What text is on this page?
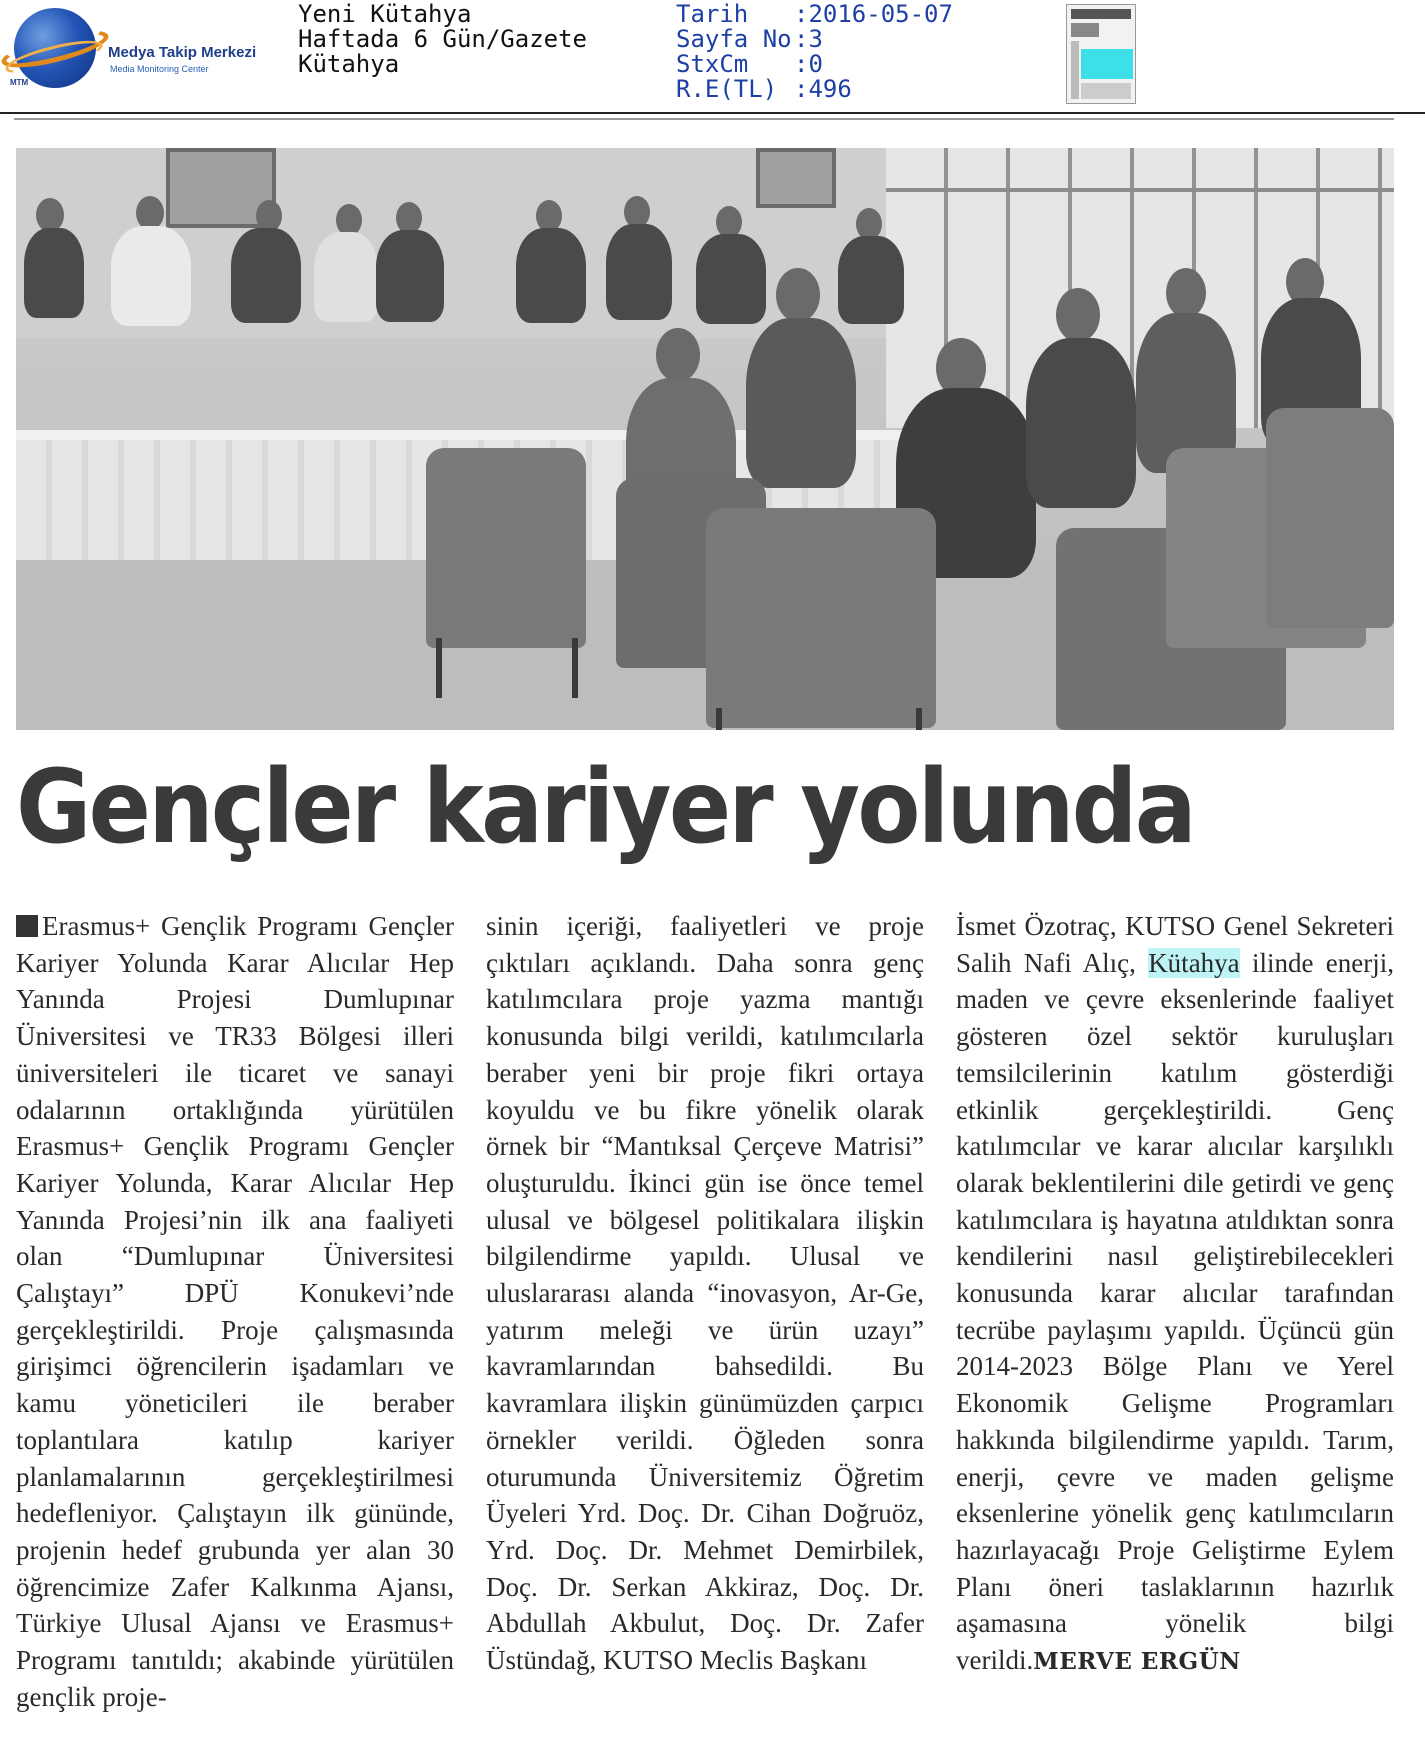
MTM
Medya Takip Merkezi
Media Monitoring Center
Yeni Kütahya
Haftada 6 Gün/Gazete
Kütahya
Tarih	:2016-05-07
Sayfa No :3
StxCm	:0
R.E(TL) :496
Gençler kariyer yolunda

Erasmus+ Gençlik Programı Gençler Kariyer Yolunda Karar Alıcılar Hep Yanında Projesi Dumlupınar Üniversitesi ve TR33 Bölgesi illeri üniversiteleri ile ticaret ve sanayi odalarının ortaklığında yürütülen Erasmus+ Gençlik Programı Gençler Kariyer Yolunda, Karar Alıcılar Hep Yanında Projesi’nin ilk ana faaliyeti olan “Dumlupınar Üniversitesi Çalıştayı” DPÜ Konukevi’nde gerçekleştirildi. Proje çalışmasında girişimci öğrencilerin işadamları ve kamu yöneticileri ile beraber toplantılara katılıp kariyer planlamalarının gerçekleştirilmesi hedefleniyor. Çalıştayın ilk gününde, projenin hedef grubunda yer alan 30 öğrencimize Zafer Kalkınma Ajansı, Türkiye Ulusal Ajansı ve Erasmus+ Programı tanıtıldı; akabinde yürütülen gençlik proje-

sinin içeriği, faaliyetleri ve proje çıktıları açıklandı. Daha sonra genç katılımcılara proje yazma mantığı konusunda bilgi verildi, katılımcılarla beraber yeni bir proje fikri ortaya koyuldu ve bu fikre yönelik olarak örnek bir “Mantıksal Çerçeve Matrisi” oluşturuldu. İkinci gün ise önce temel ulusal ve bölgesel politikalara ilişkin bilgilendirme yapıldı. Ulusal ve uluslararası alanda “inovasyon, Ar-Ge, yatırım meleği ve ürün uzayı” kavramlarından bahsedildi. Bu kavramlara ilişkin günümüzden çarpıcı örnekler verildi. Öğleden sonra oturumunda Üniversitemiz Öğretim Üyeleri Yrd. Doç. Dr. Cihan Doğruöz, Yrd. Doç. Dr. Mehmet Demirbilek, Doç. Dr. Serkan Akkiraz, Doç. Dr. Abdullah Akbulut, Doç. Dr. Zafer Üstündağ, KUTSO Meclis Başkanı

İsmet Özotraç, KUTSO Genel Sekreteri Salih Nafi Alıç, Kütahya ilinde enerji, maden ve çevre eksenlerinde faaliyet gösteren özel sektör kuruluşları temsilcilerinin katılım gösterdiği etkinlik gerçekleştirildi. Genç katılımcılar ve karar alıcılar karşılıklı olarak beklentilerini dile getirdi ve genç katılımcılara iş hayatına atıldıktan sonra kendilerini nasıl geliştirebilecekleri konusunda karar alıcılar tarafından tecrübe paylaşımı yapıldı. Üçüncü gün 2014-2023 Bölge Planı ve Yerel Ekonomik Gelişme Programları hakkında bilgilendirme yapıldı. Tarım, enerji, çevre ve maden gelişme eksenlerine yönelik genç katılımcıların hazırlayacağı Proje Geliştirme Eylem Planı öneri taslaklarının hazırlık aşamasına yönelik bilgi verildi.MERVE ERGÜN
